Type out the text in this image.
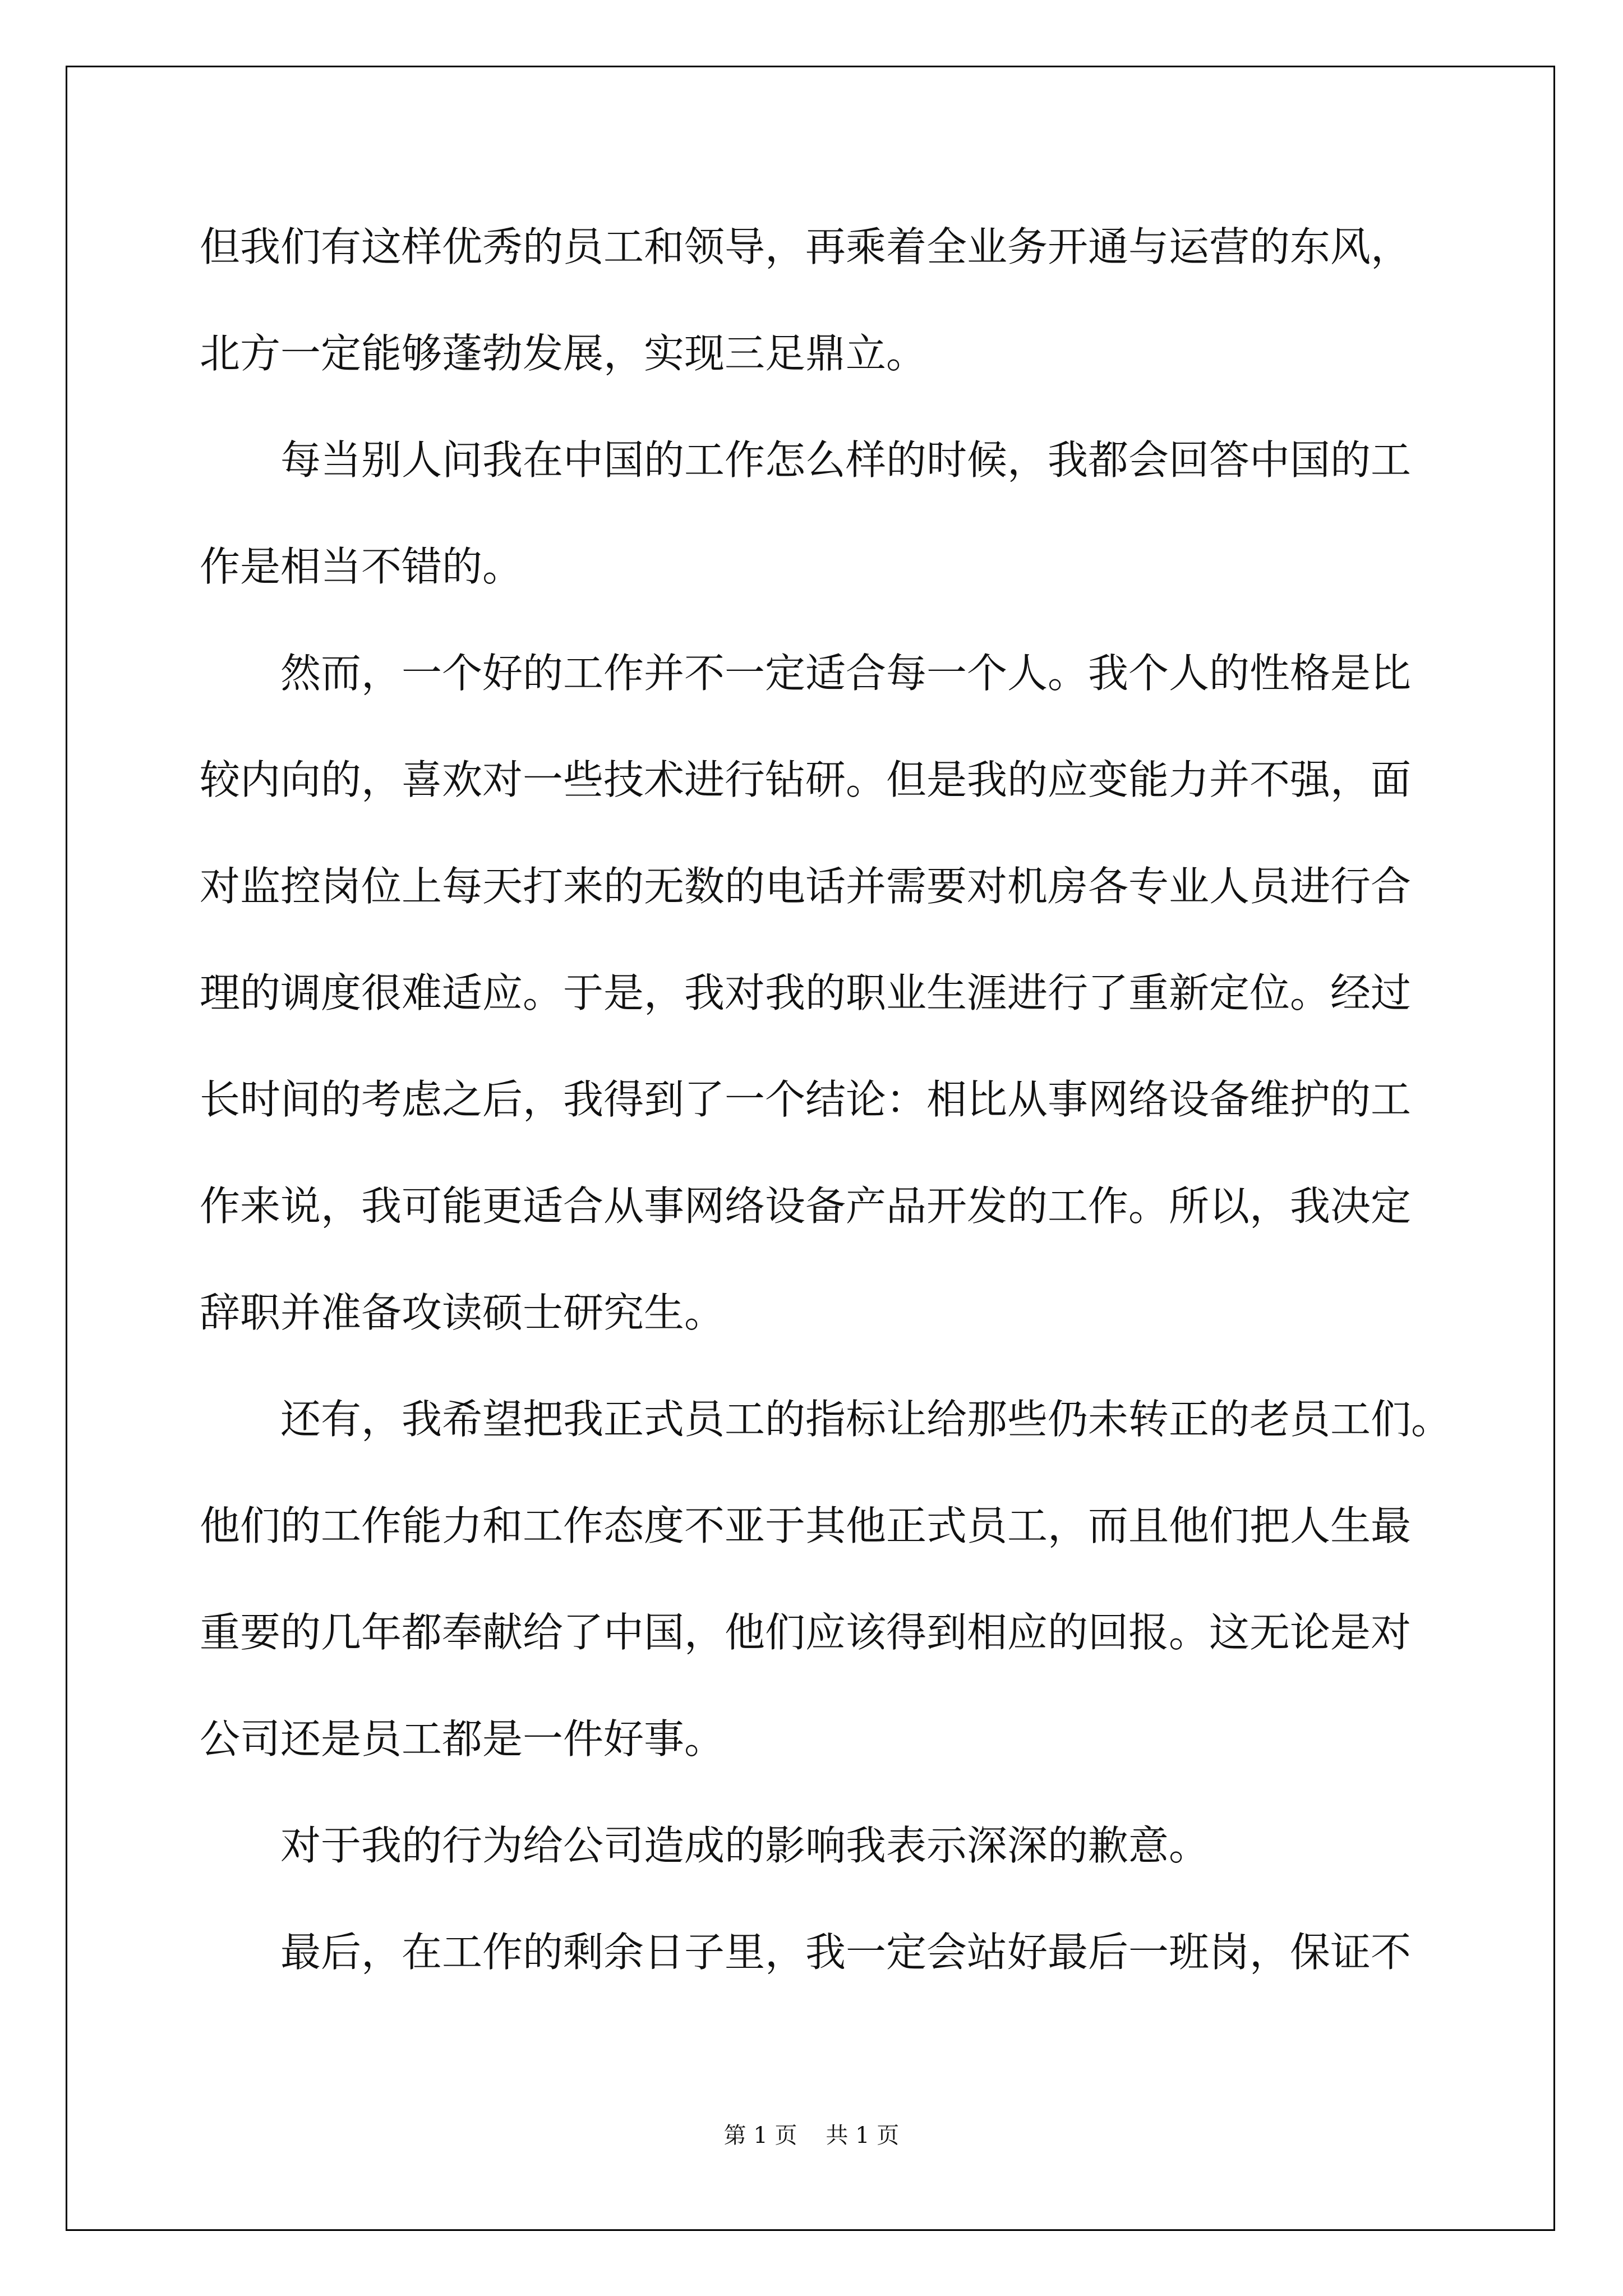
但我们有这样优秀的员工和领导，再乘着全业务开通与运营的东风，
北方一定能够蓬勃发展，实现三足鼎立。
每当别人问我在中国的工作怎么样的时候，我都会回答中国的工
作是相当不错的。
然而，一个好的工作并不一定适合每一个人。我个人的性格是比
较内向的，喜欢对一些技术进行钻研。但是我的应变能力并不强，面
对监控岗位上每天打来的无数的电话并需要对机房各专业人员进行合
理的调度很难适应。于是，我对我的职业生涯进行了重新定位。经过
长时间的考虑之后，我得到了一个结论：相比从事网络设备维护的工
作来说，我可能更适合从事网络设备产品开发的工作。所以，我决定
辞职并准备攻读硕士研究生。
还有，我希望把我正式员工的指标让给那些仍未转正的老员工们。
他们的工作能力和工作态度不亚于其他正式员工，而且他们把人生最
重要的几年都奉献给了中国，他们应该得到相应的回报。这无论是对
公司还是员工都是一件好事。
对于我的行为给公司造成的影响我表示深深的歉意。
最后，在工作的剩余日子里，我一定会站好最后一班岗，保证不
第 1 页 共 1 页
